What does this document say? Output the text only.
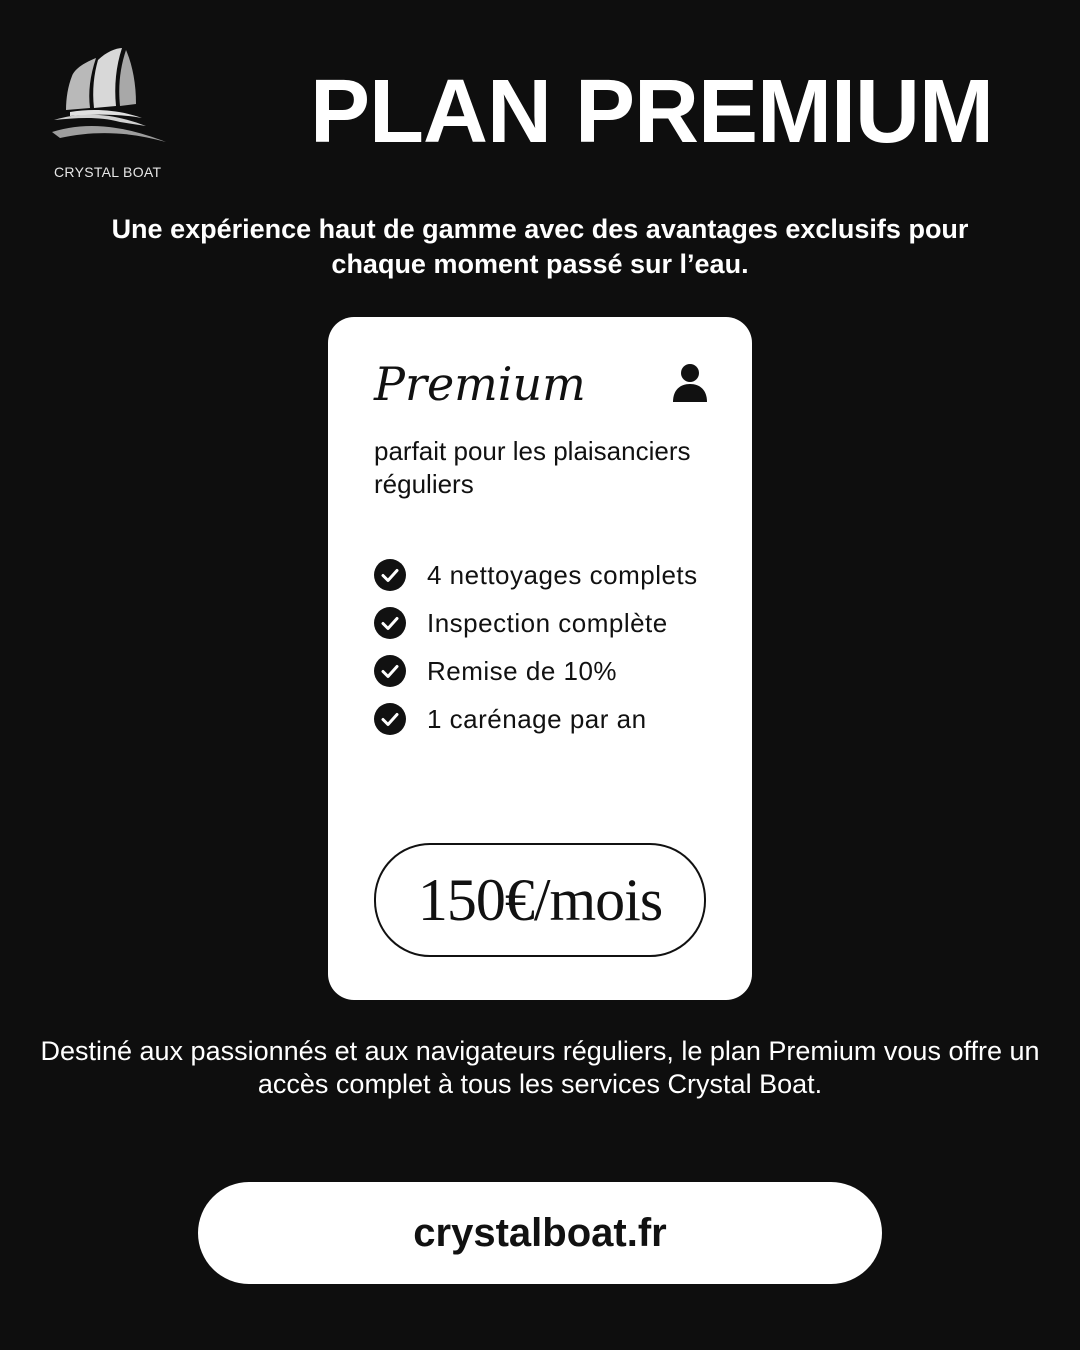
CRYSTAL BOAT
PLAN PREMIUM

Une expérience haut de gamme avec des avantages exclusifs pour chaque moment passé sur l’eau.

Premium

parfait pour les plaisanciers réguliers

4 nettoyages complets
Inspection complète
Remise de 10%
1 carénage par an
150€/mois

Destiné aux passionnés et aux navigateurs réguliers, le plan Premium vous offre un accès complet à tous les services Crystal Boat.

crystalboat.fr
